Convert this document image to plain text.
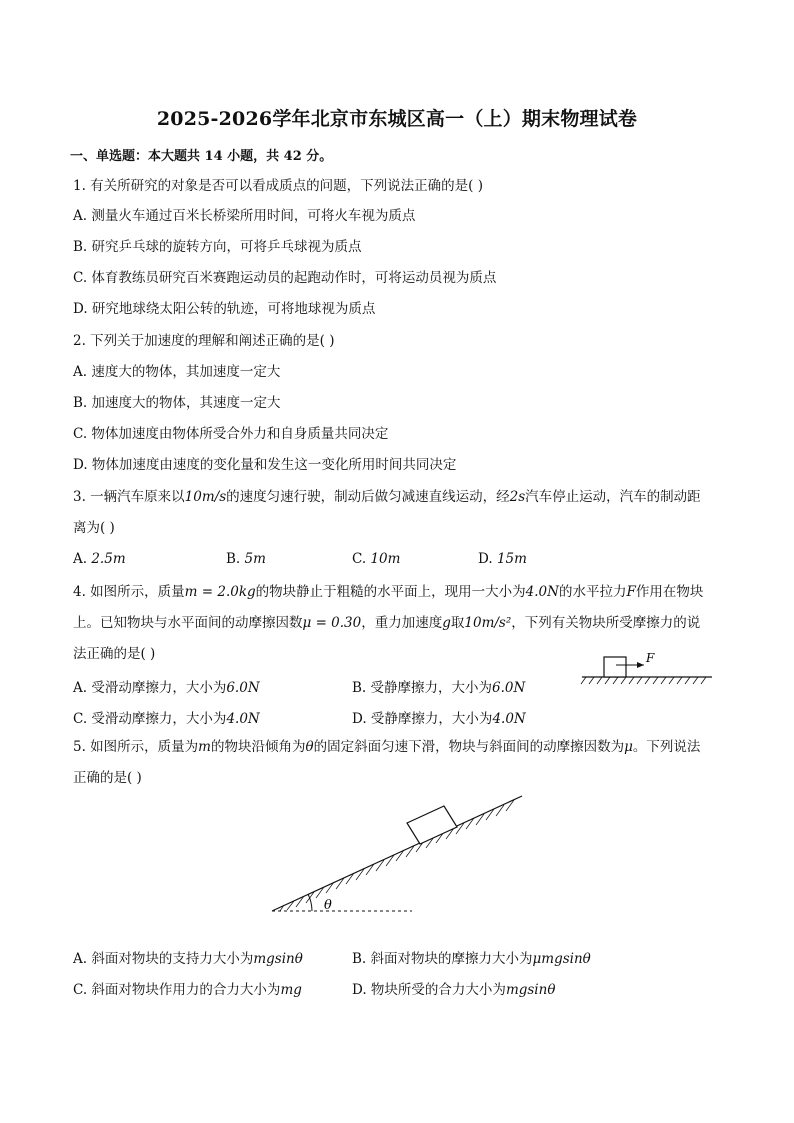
2025-2026学年北京市东城区高一（上）期末物理试卷
一、单选题：本大题共 14 小题，共 42 分。
1. 有关所研究的对象是否可以看成质点的问题，下列说法正确的是( )
A. 测量火车通过百米长桥梁所用时间，可将火车视为质点
B. 研究乒乓球的旋转方向，可将乒乓球视为质点
C. 体育教练员研究百米赛跑运动员的起跑动作时，可将运动员视为质点
D. 研究地球绕太阳公转的轨迹，可将地球视为质点
2. 下列关于加速度的理解和阐述正确的是( )
A. 速度大的物体，其加速度一定大
B. 加速度大的物体，其速度一定大
C. 物体加速度由物体所受合外力和自身质量共同决定
D. 物体加速度由速度的变化量和发生这一变化所用时间共同决定
3. 一辆汽车原来以10m/s的速度匀速行驶，制动后做匀减速直线运动，经2s汽车停止运动，汽车的制动距
离为( )
A. 2.5m	B. 5m	C. 10m	D. 15m
4. 如图所示，质量m = 2.0kg的物块静止于粗糙的水平面上，现用一大小为4.0N的水平拉力F作用在物块
上。已知物块与水平面间的动摩擦因数μ = 0.30，重力加速度g取10m/s²，下列有关物块所受摩擦力的说
法正确的是( )
A. 受滑动摩擦力，大小为6.0N	B. 受静摩擦力，大小为6.0N
C. 受滑动摩擦力，大小为4.0N	D. 受静摩擦力，大小为4.0N
F
5. 如图所示，质量为m的物块沿倾角为θ的固定斜面匀速下滑，物块与斜面间的动摩擦因数为μ。下列说法
正确的是( )
θ
A. 斜面对物块的支持力大小为mgsinθ	B. 斜面对物块的摩擦力大小为μmgsinθ
C. 斜面对物块作用力的合力大小为mg	D. 物块所受的合力大小为mgsinθ
